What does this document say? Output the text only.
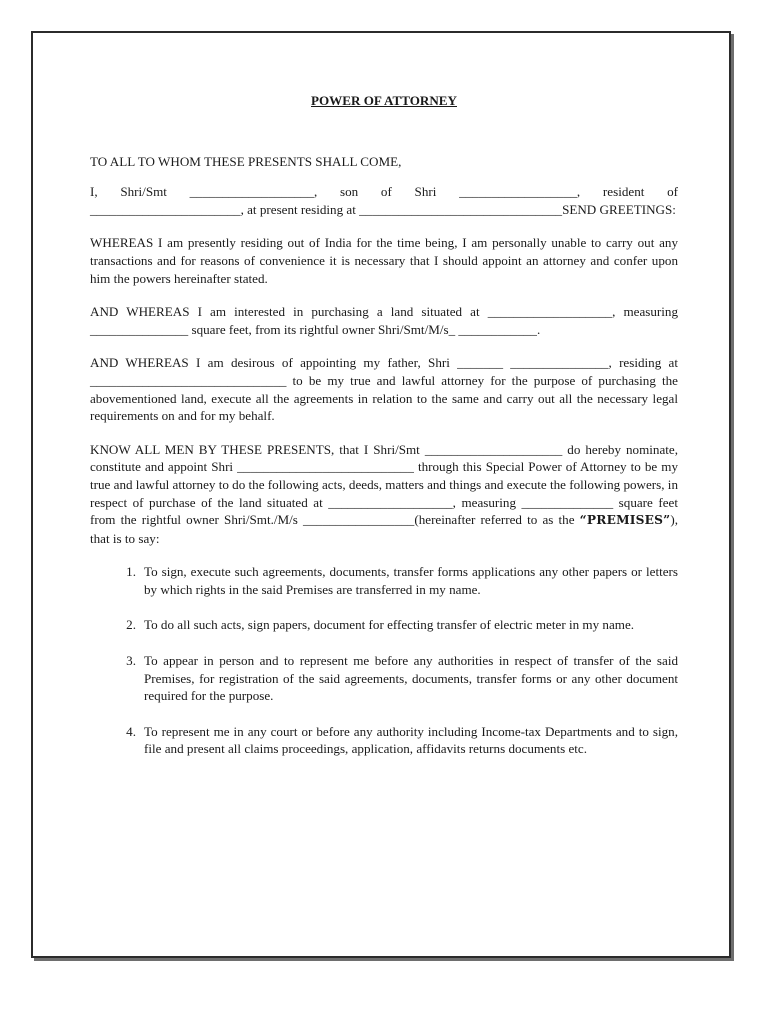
POWER OF ATTORNEY

TO ALL TO WHOM THESE PRESENTS SHALL COME,

I, Shri/Smt ___________________, son of Shri __________________, resident of _______________________, at present residing at _______________________________SEND GREETINGS:

WHEREAS I am presently residing out of India for the time being, I am personally unable to carry out any transactions and for reasons of convenience it is necessary that I should appoint an attorney and confer upon him the powers hereinafter stated.

AND WHEREAS I am interested in purchasing a land situated at ___________________, measuring _______________ square feet, from its rightful owner Shri/Smt/M/s_ ____________.

AND WHEREAS I am desirous of appointing my father, Shri _______ _______________, residing at ______________________________ to be my true and lawful attorney for the purpose of purchasing the abovementioned land, execute all the agreements in relation to the same and carry out all the necessary legal requirements on and for my behalf.

KNOW ALL MEN BY THESE PRESENTS, that I Shri/Smt _____________________ do hereby nominate, constitute and appoint Shri ___________________________ through this Special Power of Attorney to be my true and lawful attorney to do the following acts, deeds, matters and things and execute the following powers, in respect of purchase of the land situated at ___________________, measuring ______________ square feet from the rightful owner Shri/Smt./M/s _________________(hereinafter referred to as the “PREMISES”), that is to say:

1. To sign, execute such agreements, documents, transfer forms applications any other papers or letters by which rights in the said Premises are transferred in my name.
2. To do all such acts, sign papers, document for effecting transfer of electric meter in my name.
3. To appear in person and to represent me before any authorities in respect of transfer of the said Premises, for registration of the said agreements, documents, transfer forms or any other document required for the purpose.
4. To represent me in any court or before any authority including Income-tax Departments and to sign, file and present all claims proceedings, application, affidavits returns documents etc.
